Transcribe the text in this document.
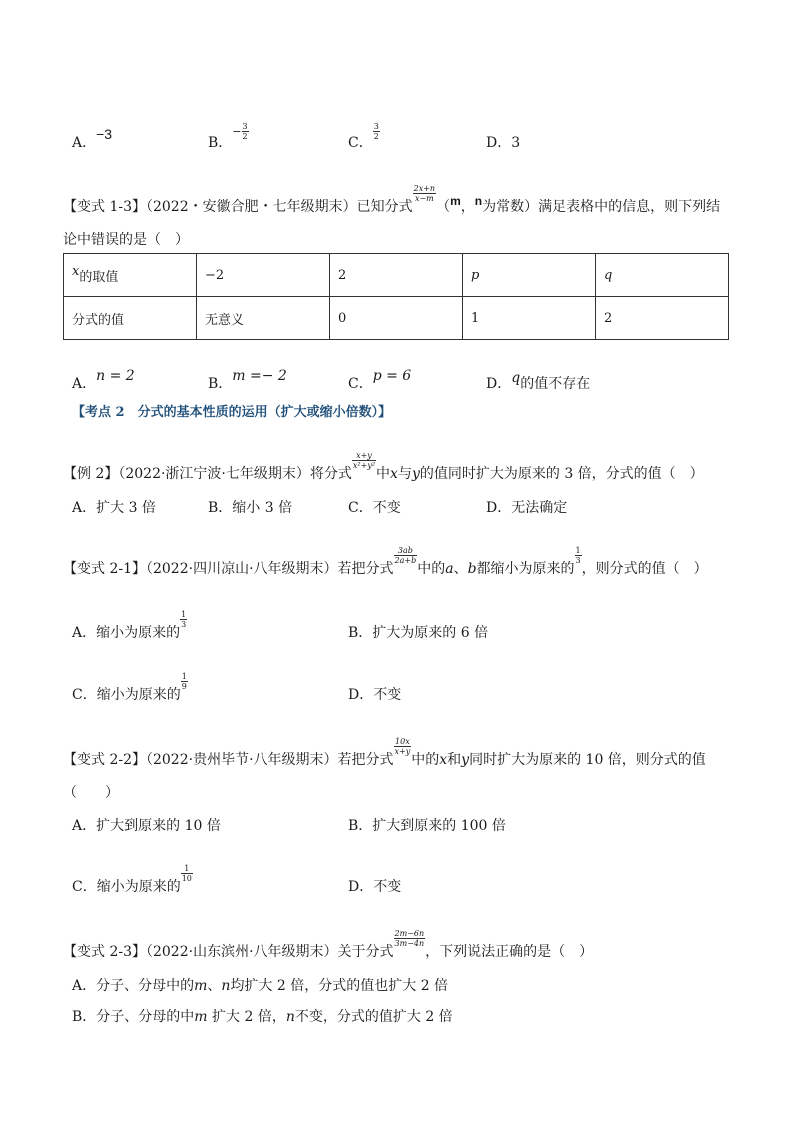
A．−3
B．$^- \frac{3}{2}$
C．
$\frac{3}{2}$
D．3
【变式 1-3】（2022・安徽合肥・七年级期末）已知分式
$\frac{2x+n}{x-m}$
（m，n为常数）满足表格中的信息，则下列结
论中错误的是（　）
x的取值	−2	2	p	q
分式的值	无意义	0	1	2
A．n = 2	B．m =− 2	C．p = 6	D．q的值不存在
【考点 2　分式的基本性质的运用（扩大或缩小倍数）】
【例 2】（2022·浙江宁波·七年级期末）将分式
$\frac{x+y}{\text{x²+y²}}$
中x与y的值同时扩大为原来的 3 倍，分式的值（　）
A．扩大 3 倍	B．缩小 3 倍	C．不变	D．无法确定
【变式 2-1】（2022·四川凉山·八年级期末）若把分式
$\frac{3ab}{2a+b}$
中的a、b都缩小为原来的
$\frac{1}{3}$
，则分式的值（　）
A．缩小为原来的
$\frac{1}{3}$
B．扩大为原来的 6 倍
C．缩小为原来的
$\frac{1}{9}$
D．不变
【变式 2-2】（2022·贵州毕节·八年级期末）若把分式
$\frac{10x}{x+y}$
中的x和y同时扩大为原来的 10 倍，则分式的值
（　　）
A．扩大到原来的 10 倍	B．扩大到原来的 100 倍
C．缩小为原来的
$\frac{1}{10}$
D．不变
【变式 2-3】（2022·山东滨州·八年级期末）关于分式
$\frac{2m-6n}{3m-4n}$
，下列说法正确的是（　）
A．分子、分母中的m、n均扩大 2 倍，分式的值也扩大 2 倍
B．分子、分母的中m 扩大 2 倍，n不变，分式的值扩大 2 倍
